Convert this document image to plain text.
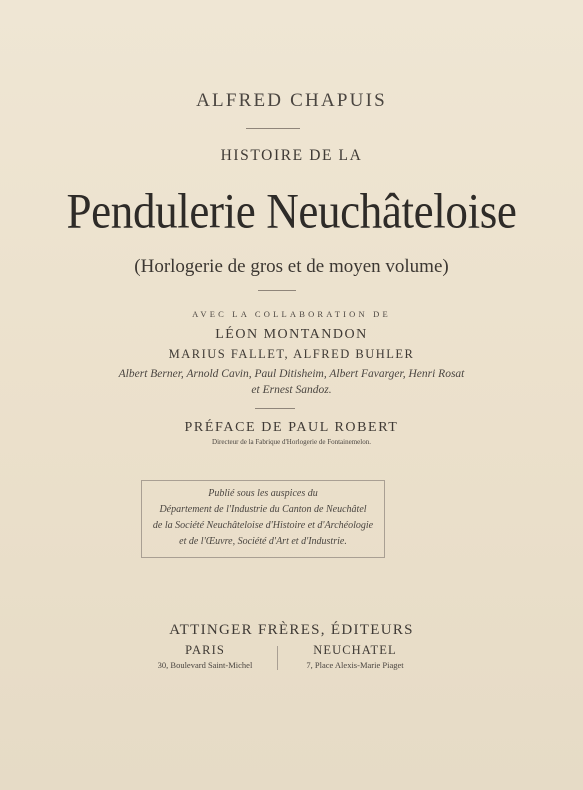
ALFRED CHAPUIS
HISTOIRE DE LA
Pendulerie Neuchâteloise
(Horlogerie de gros et de moyen volume)
AVEC LA COLLABORATION DE
LÉON MONTANDON
MARIUS FALLET, ALFRED BUHLER
Albert Berner, Arnold Cavin, Paul Ditisheim, Albert Favarger, Henri Rosat
et Ernest Sandoz.
PRÉFACE DE PAUL ROBERT
Directeur de la Fabrique d'Horlogerie de Fontainemelon.
Publié sous les auspices du
Département de l'Industrie du Canton de Neuchâtel
de la Société Neuchâteloise d'Histoire et d'Archéologie
et de l'Œuvre, Société d'Art et d'Industrie.
ATTINGER FRÈRES, ÉDITEURS
PARIS
30, Boulevard Saint-Michel
NEUCHATEL
7, Place Alexis-Marie Piaget
